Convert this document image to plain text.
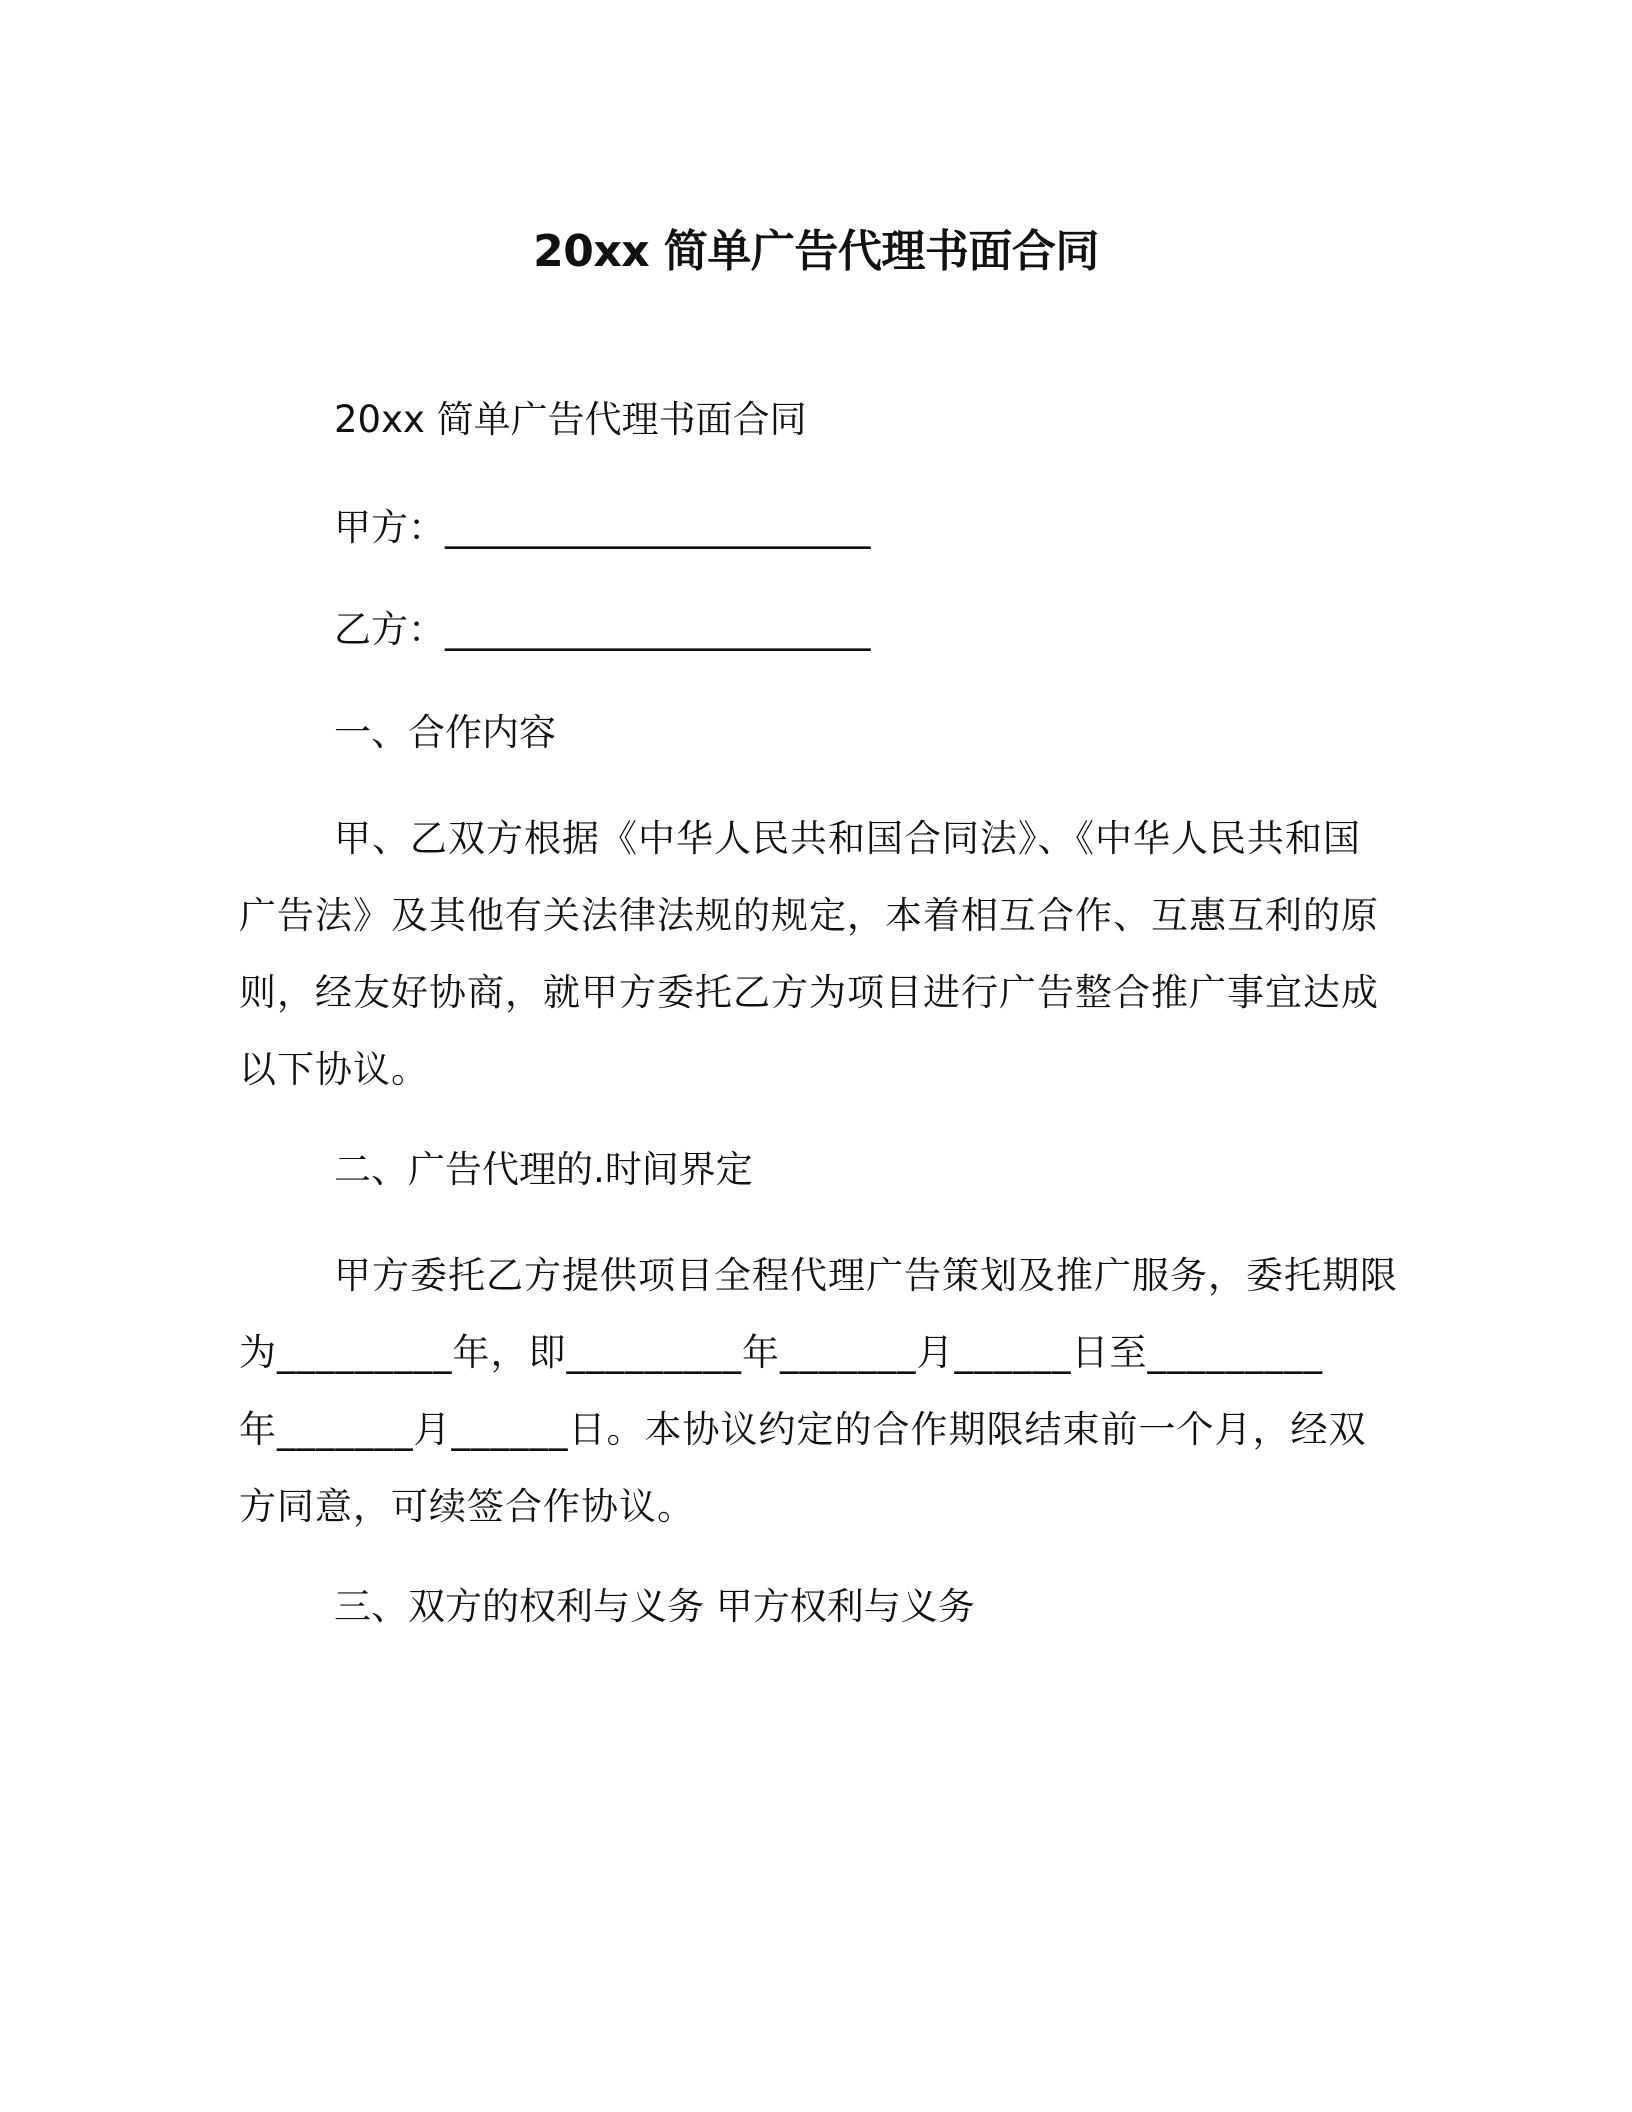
20xx 简单广告代理书面合同
20xx 简单广告代理书面合同
甲方：_______________________
乙方：_______________________
一、合作内容
甲、乙双方根据《中华人民共和国合同法》、《中华人民共和国
广告法》及其他有关法律法规的规定，本着相互合作、互惠互利的原
则，经友好协商，就甲方委托乙方为项目进行广告整合推广事宜达成
以下协议。
二、广告代理的.时间界定
甲方委托乙方提供项目全程代理广告策划及推广服务，委托期限
为_________年，即_________年_______月______日至_________
年_______月______日。本协议约定的合作期限结束前一个月，经双
方同意，可续签合作协议。
三、双方的权利与义务 甲方权利与义务
